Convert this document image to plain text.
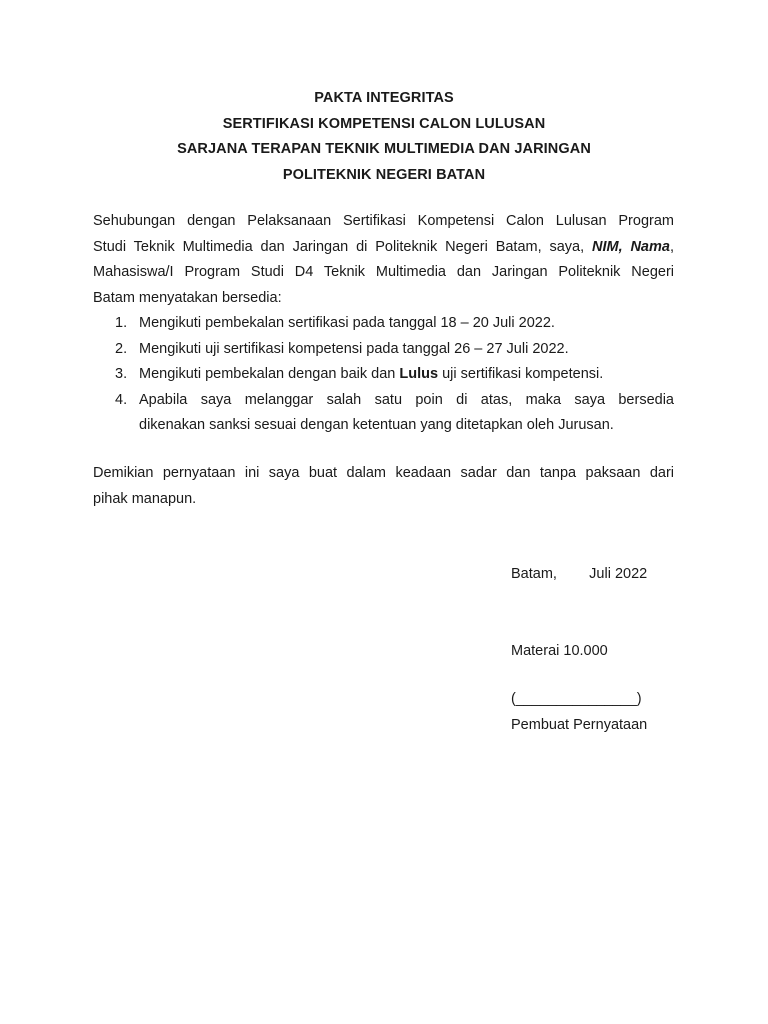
PAKTA INTEGRITAS
SERTIFIKASI KOMPETENSI CALON LULUSAN
SARJANA TERAPAN TEKNIK MULTIMEDIA DAN JARINGAN
POLITEKNIK NEGERI BATAN
Sehubungan dengan Pelaksanaan Sertifikasi Kompetensi Calon Lulusan Program
Studi Teknik Multimedia dan Jaringan di Politeknik Negeri Batam, saya, NIM, Nama,
Mahasiswa/I Program Studi D4 Teknik Multimedia dan Jaringan Politeknik Negeri
Batam menyatakan bersedia:
1. Mengikuti pembekalan sertifikasi pada tanggal 18 – 20 Juli 2022.
2. Mengikuti uji sertifikasi kompetensi pada tanggal 26 – 27 Juli 2022.
3. Mengikuti pembekalan dengan baik dan Lulus uji sertifikasi kompetensi.
4. Apabila saya melanggar salah satu poin di atas, maka saya bersedia
dikenakan sanksi sesuai dengan ketentuan yang ditetapkan oleh Jurusan.
Demikian pernyataan ini saya buat dalam keadaan sadar dan tanpa paksaan dari
pihak manapun.
Batam,        Juli 2022
Materai 10.000
(_______________)
Pembuat Pernyataan
